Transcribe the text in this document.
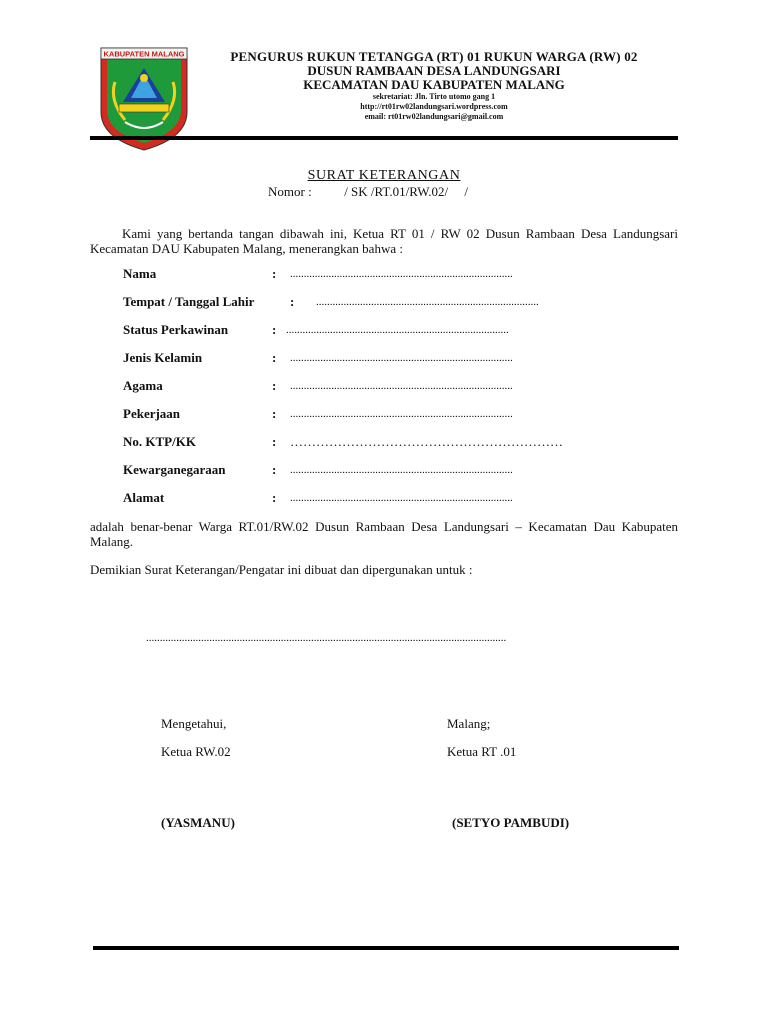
KABUPATEN MALANG	PENGURUS RUKUN TETANGGA (RT) 01 RUKUN WARGA (RW) 02
DUSUN RAMBAAN DESA LANDUNGSARI
KECAMATAN DAU KABUPATEN MALANG
sekretariat: Jln. Tirto utomo gang 1
http://rt01rw02landungsari.wordpress.com
email: rt01rw02landungsari@gmail.com
SURAT KETERANGAN
Nomor :          / SK /RT.01/RW.02/     /
Kami yang bertanda tangan dibawah ini, Ketua RT 01 / RW 02 Dusun Rambaan Desa Landungsari Kecamatan DAU Kabupaten Malang, menerangkan bahwa :
Nama	: .................................................................................
Tempat / Tanggal Lahir	: .................................................................................
Status Perkawinan	: .................................................................................
Jenis Kelamin	: .................................................................................
Agama	: .................................................................................
Pekerjaan	: .................................................................................
No. KTP/KK	: ………………………………………………………
Kewarganegaraan	: .................................................................................
Alamat	: .................................................................................
adalah benar-benar Warga RT.01/RW.02 Dusun Rambaan Desa Landungsari – Kecamatan Dau Kabupaten Malang.
Demikian Surat Keterangan/Pengatar ini dibuat dan dipergunakan untuk :
...................................................................................................................................
Mengetahui,
Ketua RW.02
(YASMANU)
Malang;
Ketua RT .01
(SETYO PAMBUDI)
